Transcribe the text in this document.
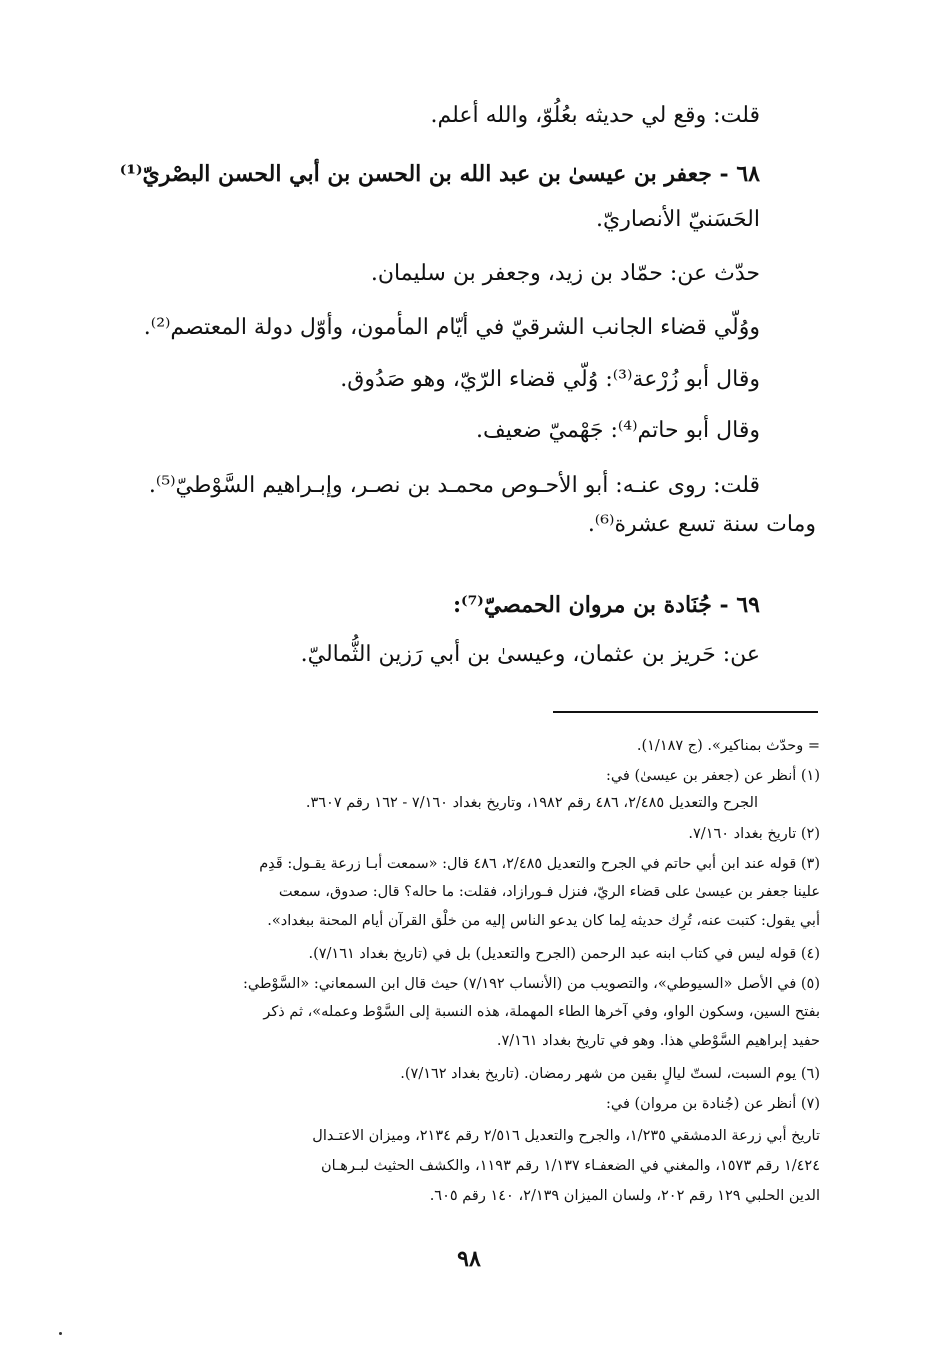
قلت: وقع لي حديثه بعُلُوّ، والله أعلم.
٦٨ - جعفر بن عيسىٰ بن عبد الله بن الحسن بن أبي الحسن البصْريّ⁽¹⁾
الحَسَنيّ الأنصاريّ.
حدّث عن: حمّاد بن زيد، وجعفر بن سليمان.
ووُلّي قضاء الجانب الشرقيّ في أيّام المأمون، وأوّل دولة المعتصم⁽²⁾.
وقال أبو زُرْعة⁽³⁾: وُلّي قضاء الرّيّ، وهو صَدُوق.
وقال أبو حاتم⁽⁴⁾: جَهْميّ ضعيف.
قلت: روى عنـه: أبو الأحـوص محمـد بن نصـر، وإبـراهيم السَّوْطيّ⁽⁵⁾.
ومات سنة تسع عشرة⁽⁶⁾.
٦٩ - جُنَادة بن مروان الحمصيّ⁽⁷⁾:
عن: حَريز بن عثمان، وعيسىٰ بن أبي رَزين الثُّماليّ.
= وحدّث بمناكير». (ج ١/١٨٧).
(١) أنظر عن (جعفر بن عيسىٰ) في:
الجرح والتعديل ٢/٤٨٥، ٤٨٦ رقم ١٩٨٢، وتاريخ بغداد ٧/١٦٠ - ١٦٢ رقم ٣٦٠٧.
(٢) تاريخ بغداد ٧/١٦٠.
(٣) قوله عند ابن أبي حاتم في الجرح والتعديل ٢/٤٨٥، ٤٨٦ قال: «سمعت أبـا زرعة يقـول: قَدِم
علينا جعفر بن عيسىٰ على قضاء الريّ، فنزل فـورازاد، فقلت: ما حاله؟ قال: صدوق، سمعت
أبي يقول: كتبت عنه، تُرِك حديثه لِما كان يدعو الناس إليه من خلْق القرآن أيام المحنة ببغداد».
(٤) قوله ليس في كتاب ابنه عبد الرحمن (الجرح والتعديل) بل في (تاريخ بغداد ٧/١٦١).
(٥) في الأصل «السيوطي»، والتصويب من (الأنساب ٧/١٩٢) حيث قال ابن السمعاني: «السَّوْطي:
بفتح السين، وسكون الواو، وفي آخرها الطاء المهملة، هذه النسبة إلى السَّوْط وعمله»، ثم ذكر
حفيد إبراهيم السَّوْطي هذا. وهو في تاريخ بغداد ٧/١٦١.
(٦) يوم السبت، لستّ ليالٍ بقين من شهر رمضان. (تاريخ بغداد ٧/١٦٢).
(٧) أنظر عن (جُنادة بن مروان) في:
تاريخ أبي زرعة الدمشقي ١/٢٣٥، والجرح والتعديل ٢/٥١٦ رقم ٢١٣٤، وميزان الاعتـدال
١/٤٢٤ رقم ١٥٧٣، والمغني في الضعفـاء ١/١٣٧ رقم ١١٩٣، والكشف الحثيث لبـرهـان
الدين الحلبي ١٢٩ رقم ٢٠٢، ولسان الميزان ٢/١٣٩، ١٤٠ رقم ٦٠٥.
٩٨
